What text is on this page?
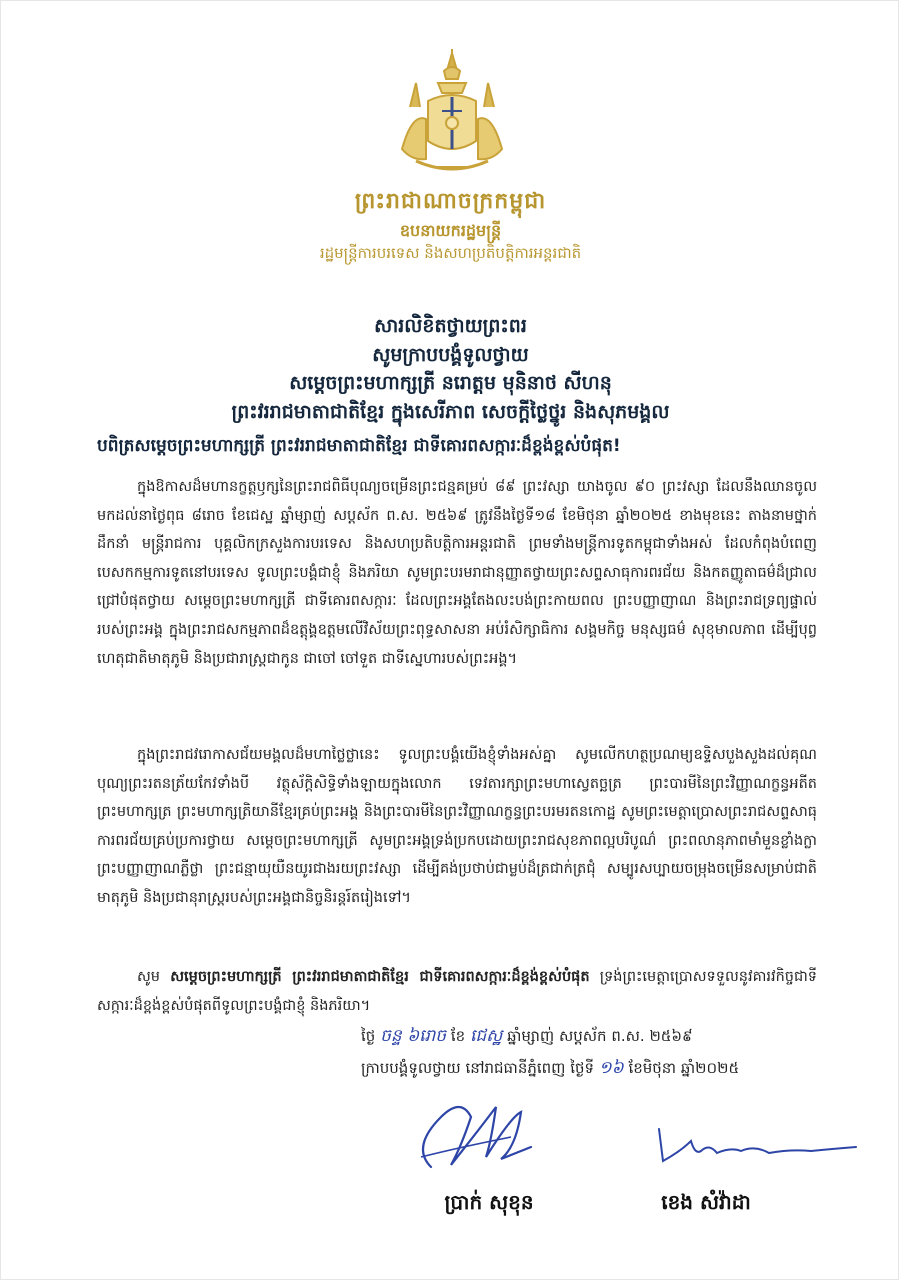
ព្រះរាជាណាចក្រកម្ពុជា
ឧបនាយករដ្ឋមន្ត្រី
រដ្ឋមន្ត្រីការបរទេស និងសហប្រតិបត្តិការអន្តរជាតិ
សារលិខិតថ្វាយព្រះពរ
សូមក្រាបបង្គំទូលថ្វាយ
សម្តេចព្រះមហាក្សត្រី នរោត្តម មុនិនាថ សីហនុ
ព្រះវររាជមាតាជាតិខ្មែរ ក្នុងសេរីភាព សេចក្តីថ្លៃថ្នូរ និងសុភមង្គល
បពិត្រសម្តេចព្រះមហាក្សត្រី ព្រះវររាជមាតាជាតិខ្មែរ ជាទីគោរពសក្ការៈដ៏ខ្ពង់ខ្ពស់បំផុត!
ក្នុងឱកាសដ៏មហានក្ខត្តឫក្សនៃព្រះរាជពិធីបុណ្យចម្រើនព្រះជន្មគម្រប់ ៨៩ ព្រះវស្សា យាងចូល ៩០ ព្រះវស្សា ដែលនឹងឈានចូលមកដល់នាថ្ងៃពុធ ៨រោច ខែជេស្ឋ ឆ្នាំម្សាញ់ សប្តស័ក ព.ស. ២៥៦៩ ត្រូវនឹងថ្ងៃទី១៨ ខែមិថុនា ឆ្នាំ២០២៥ ខាងមុខនេះ តាងនាមថ្នាក់ដឹកនាំ មន្ត្រីរាជការ បុគ្គលិកក្រសួងការបរទេស និងសហប្រតិបត្តិការអន្តរជាតិ ព្រមទាំងមន្ត្រីការទូតកម្ពុជាទាំងអស់ ដែលកំពុងបំពេញបេសកកម្មការទូតនៅបរទេស ទូលព្រះបង្គំជាខ្ញុំ និងភរិយា សូមព្រះបរមរាជានុញ្ញាតថ្វាយព្រះសព្ទសាធុការពរជ័យ និងកតញ្ញូតាធម៌ដ៏ជ្រាលជ្រៅបំផុតថ្វាយ សម្តេចព្រះមហាក្សត្រី ជាទីគោរពសក្ការៈ ដែលព្រះអង្គតែងលះបង់ព្រះកាយពល ព្រះបញ្ញាញាណ និងព្រះរាជទ្រព្យផ្ទាល់របស់ព្រះអង្គ ក្នុងព្រះរាជសកម្មភាពដ៏ឧត្តុង្គឧត្តមលើវិស័យព្រះពុទ្ធសាសនា អប់រំសិក្សាធិការ សង្គមកិច្ច មនុស្សធម៌ សុខុមាលភាព ដើម្បីបុព្វហេតុជាតិមាតុភូមិ និងប្រជារាស្ត្រជាកូន ជាចៅ ចៅទួត ជាទីស្នេហារបស់ព្រះអង្គ។
ក្នុងព្រះរាជវរោកាសជ័យមង្គលដ៏មហាថ្លៃថ្លានេះ ទូលព្រះបង្គំយើងខ្ញុំទាំងអស់គ្នា សូមលើកហត្ថប្រណម្យឧទ្ទិសបួងសួងដល់គុណបុណ្យព្រះរតនត្រ័យកែវទាំងបី វត្ថុស័ក្តិសិទ្ធិទាំងឡាយក្នុងលោក ទេវតារក្សាព្រះមហាស្វេតច្ឆត្រ ព្រះបារមីនៃព្រះវិញ្ញាណក្ខន្ធអតីតព្រះមហាក្សត្រ ព្រះមហាក្សត្រិយានីខ្មែរគ្រប់ព្រះអង្គ និងព្រះបារមីនៃព្រះវិញ្ញាណក្ខន្ធព្រះបរមរតនកោដ្ឋ សូមព្រះមេត្តាប្រោសព្រះរាជសព្ទសាធុការពរជ័យគ្រប់ប្រការថ្វាយ សម្តេចព្រះមហាក្សត្រី សូមព្រះអង្គទ្រង់ប្រកបដោយព្រះរាជសុខភាពល្អបរិបូណ៌ ព្រះពលានុភាពមាំមួនខ្លាំងក្លា ព្រះបញ្ញាញាណភ្លឺថ្លា ព្រះជន្មាយុយឺនយូរជាងរយព្រះវស្សា ដើម្បីគង់ប្រថាប់ជាម្លប់ដ៏ត្រជាក់ត្រជុំ សម្បូរសប្បាយចម្រុងចម្រើនសម្រាប់ជាតិមាតុភូមិ និងប្រជានុរាស្ត្ររបស់ព្រះអង្គជានិច្ចនិរន្តរ៍តរៀងទៅ។
សូម សម្តេចព្រះមហាក្សត្រី ព្រះវររាជមាតាជាតិខ្មែរ ជាទីគោរពសក្ការៈដ៏ខ្ពង់ខ្ពស់បំផុត ទ្រង់ព្រះមេត្តាប្រោសទទួលនូវគារវកិច្ចជាទីសក្ការៈដ៏ខ្ពង់ខ្ពស់បំផុតពីទូលព្រះបង្គំជាខ្ញុំ និងភរិយា។
ថ្ងៃ ចន្ទ ៦រោច ខែ ជេស្ឋ ឆ្នាំម្សាញ់ សប្តស័ក ព.ស. ២៥៦៩
ក្រាបបង្គំទូលថ្វាយ នៅរាជធានីភ្នំពេញ ថ្ងៃទី ១៦ ខែមិថុនា ឆ្នាំ២០២៥
ប្រាក់ សុខុន	ខេង សំវ៉ាដា
